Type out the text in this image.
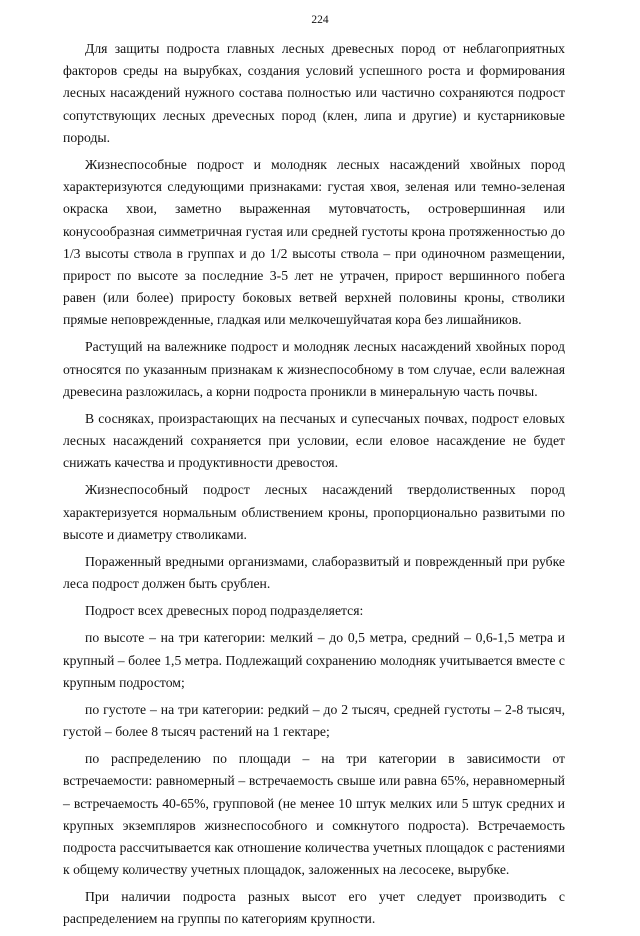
224

Для защиты подроста главных лесных древесных пород от неблагоприятных факторов среды на вырубках, создания условий успешного роста и формирования лесных насаждений нужного состава полностью или частично сохраняются подрост сопутствующих лесных дреvесных пород (клен, липа и другие) и кустарниковые породы.

Жизнеспособные подрост и молодняк лесных насаждений хвойных пород характеризуются следующими признаками: густая хвоя, зеленая или темно-зеленая окраска хвои, заметно выраженная мутовчатость, островершинная или конусообразная симметричная густая или средней густоты крона протяженностью до 1/3 высоты ствола в группах и до 1/2 высоты ствола – при одиночном размещении, прирост по высоте за последние 3-5 лет не утрачен, прирост вершинного побега равен (или более) приросту боковых ветвей верхней половины кроны, стволики прямые неповрежденные, гладкая или мелкочешуйчатая кора без лишайников.

Растущий на валежнике подрост и молодняк лесных насаждений хвойных пород относятся по указанным признакам к жизнеспособному в том случае, если валежная древесина разложилась, а корни подроста проникли в минеральную часть почвы.

В сосняках, произрастающих на песчаных и супесчаных почвах, подрост еловых лесных насаждений сохраняется при условии, если еловое насаждение не будет снижать качества и продуктивности древостоя.

Жизнеспособный подрост лесных насаждений твердолиственных пород характеризуется нормальным облиствением кроны, пропорционально развитыми по высоте и диаметру стволиками.

Пораженный вредными организмами, слаборазвитый и поврежденный при рубке леса подрост должен быть срублен.

Подрост всех древесных пород подразделяется:

по высоте – на три категории: мелкий – до 0,5 метра, средний – 0,6-1,5 метра и крупный – более 1,5 метра. Подлежащий сохранению молодняк учитывается вместе с крупным подростом;

по густоте – на три категории: редкий – до 2 тысяч, средней густоты – 2-8 тысяч, густой – более 8 тысяч растений на 1 гектаре;

по распределению по площади – на три категории в зависимости от встречаемости: равномерный – встречаемость свыше или равна 65%, неравномерный – встречаемость 40-65%, групповой (не менее 10 штук мелких или 5 штук средних и крупных экземпляров жизнеспособного и сомкнутого подроста). Встречаемость подроста рассчитывается как отношение количества учетных площадок с растениями к общему количеству учетных площадок, заложенных на лесосеке, вырубке.

При наличии подроста разных высот его учет следует производить с распределением на группы по категориям крупности.
